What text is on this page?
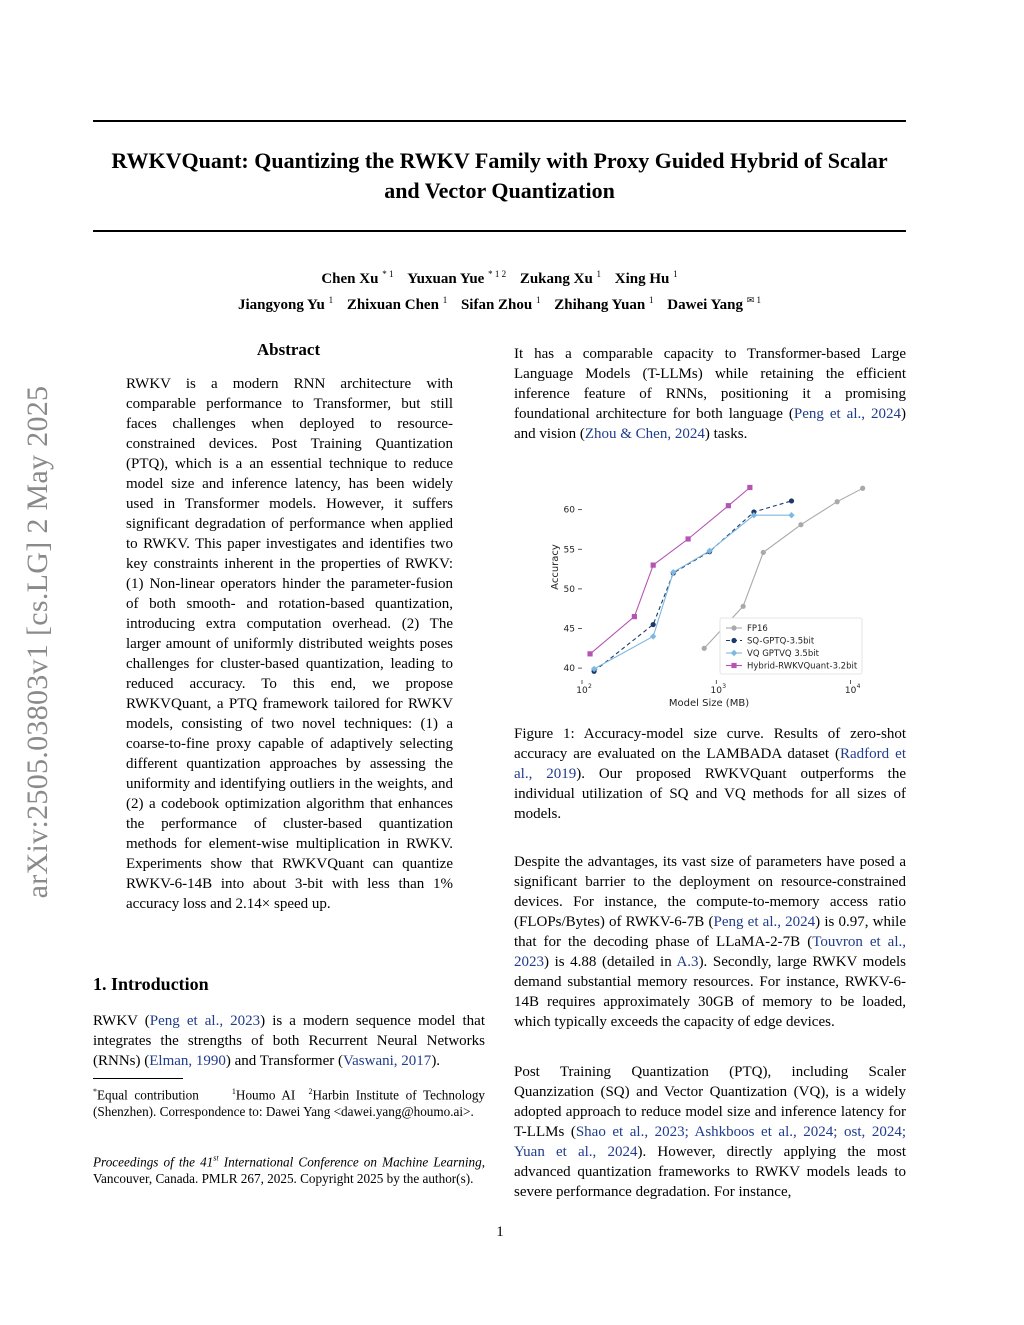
RWKVQuant: Quantizing the RWKV Family with Proxy Guided Hybrid of Scalar and Vector Quantization
Chen Xu $^{* 1}$ Yuxuan Yue $^{* 1 2}$ Zukang Xu $^1$ Xing Hu $^1$
Jiangyong Yu $^1$ Zhixuan Chen $^1$ Sifan Zhou $^1$ Zhihang Yuan $^1$ Dawei Yang $^{✉ 1}$
arXiv:2505.03803v1 [cs.LG] 2 May 2025
Abstract

RWKV is a modern RNN architecture with comparable performance to Transformer, but still faces challenges when deployed to resource-constrained devices. Post Training Quantization (PTQ), which is a an essential technique to reduce model size and inference latency, has been widely used in Transformer models. However, it suffers significant degradation of performance when applied to RWKV. This paper investigates and identifies two key constraints inherent in the properties of RWKV: (1) Non-linear operators hinder the parameter-fusion of both smooth- and rotation-based quantization, introducing extra computation overhead. (2) The larger amount of uniformly distributed weights poses challenges for cluster-based quantization, leading to reduced accuracy. To this end, we propose RWKVQuant, a PTQ framework tailored for RWKV models, consisting of two novel techniques: (1) a coarse-to-fine proxy capable of adaptively selecting different quantization approaches by assessing the uniformity and identifying outliers in the weights, and (2) a codebook optimization algorithm that enhances the performance of cluster-based quantization methods for element-wise multiplication in RWKV. Experiments show that RWKVQuant can quantize RWKV-6-14B into about 3-bit with less than 1% accuracy loss and 2.14× speed up.

1. Introduction

RWKV (Peng et al., 2023) is a modern sequence model that integrates the strengths of both Recurrent Neural Networks (RNNs) (Elman, 1990) and Transformer (Vaswani, 2017).

*Equal contribution	$^1$Houmo AI $^2$Harbin Institute of Technology (Shenzhen). Correspondence to: Dawei Yang <dawei.yang@houmo.ai>.

Proceedings of the 41st International Conference on Machine Learning, Vancouver, Canada. PMLR 267, 2025. Copyright 2025 by the author(s).

It has a comparable capacity to Transformer-based Large Language Models (T-LLMs) while retaining the efficient inference feature of RNNs, positioning it a promising foundational architecture for both language (Peng et al., 2024) and vision (Zhou & Chen, 2024) tasks.

40
45
50
55
60
10 2	10 3	10 4
Model Size (MB)
Accuracy
FP16
SQ-GPTQ-3.5bit
VQ GPTVQ 3.5bit
Hybrid-RWKVQuant-3.2bit

Figure 1: Accuracy-model size curve. Results of zero-shot accuracy are evaluated on the LAMBADA dataset (Radford et al., 2019). Our proposed RWKVQuant outperforms the individual utilization of SQ and VQ methods for all sizes of models.

Despite the advantages, its vast size of parameters have posed a significant barrier to the deployment on resource-constrained devices. For instance, the compute-to-memory access ratio (FLOPs/Bytes) of RWKV-6-7B (Peng et al., 2024) is 0.97, while that for the decoding phase of LLaMA-2-7B (Touvron et al., 2023) is 4.88 (detailed in A.3). Secondly, large RWKV models demand substantial memory resources. For instance, RWKV-6-14B requires approximately 30GB of memory to be loaded, which typically exceeds the capacity of edge devices.

Post Training Quantization (PTQ), including Scaler Quanzization (SQ) and Vector Quantization (VQ), is a widely adopted approach to reduce model size and inference latency for T-LLMs (Shao et al., 2023; Ashkboos et al., 2024; ost, 2024; Yuan et al., 2024). However, directly applying the most advanced quantization frameworks to RWKV models leads to severe performance degradation. For instance,

1
